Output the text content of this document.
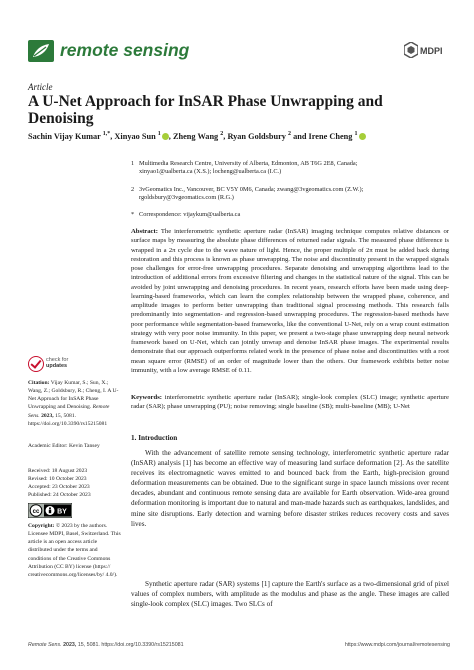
remote sensing	MDPI
Article
A U-Net Approach for InSAR Phase Unwrapping and Denoising
Sachin Vijay Kumar $^{1,*}$, Xinyao Sun $^1$ , Zheng Wang $^2$, Ryan Goldsbury $^2$ and Irene Cheng $^1$
1 Multimedia Research Centre, University of Alberta, Edmonton, AB T6G 2E8, Canada;
xinyao1@ualberta.ca (X.S.); locheng@ualberta.ca (I.C.)
2 3vGeomatics Inc., Vancouver, BC V5Y 0M6, Canada; zwang@3vgeomatics.com (Z.W.);
rgoldsbury@3vgeomatics.com (R.G.)
* Correspondence: vijaykum@ualberta.ca
Abstract: The interferometric synthetic aperture radar (InSAR) imaging technique computes relative distances or surface maps by measuring the absolute phase differences of returned radar signals. The measured phase difference is wrapped in a 2π cycle due to the wave nature of light. Hence, the proper multiple of 2π must be added back during restoration and this process is known as phase unwrapping. The noise and discontinuity present in the wrapped signals pose challenges for error-free unwrapping procedures. Separate denoising and unwrapping algorithms lead to the introduction of additional errors from excessive filtering and changes in the statistical nature of the signal. This can be avoided by joint unwrapping and denoising procedures. In recent years, research efforts have been made using deep-learning-based frameworks, which can learn the complex relationship between the wrapped phase, coherence, and amplitude images to perform better unwrapping than traditional signal processing methods. This research falls predominantly into segmentation- and regression-based unwrapping procedures. The regression-based methods have poor performance while segmentation-based frameworks, like the conventional U-Net, rely on a wrap count estimation strategy with very poor noise immunity. In this paper, we present a two-stage phase unwrapping deep neural network framework based on U-Net, which can jointly unwrap and denoise InSAR phase images. The experimental results demonstrate that our approach outperforms related work in the presence of phase noise and discontinuities with a root mean square error (RMSE) of an order of magnitude lower than the others. Our framework exhibits better noise immunity, with a low average RMSE of 0.11.
Keywords: interferometric synthetic aperture radar (InSAR); single-look complex (SLC) image; synthetic aperture radar (SAR); phase unwrapping (PU); noise removing; single baseline (SB); multi-baseline (MB); U-Net
check for
updates
Citation: Vijay Kumar, S.; Sun, X.; Wang, Z.; Goldsbury, R.; Cheng, I. A U-Net Approach for InSAR Phase Unwrapping and Denoising. Remote Sens. 2023, 15, 5081. https://doi.org/10.3390/rs15215081
Academic Editor: Kevin Tansey
Received: 18 August 2023
Revised: 10 October 2023
Accepted: 23 October 2023
Published: 24 October 2023
cc	BY
Copyright: © 2023 by the authors. Licensee MDPI, Basel, Switzerland. This article is an open access article distributed under the terms and conditions of the Creative Commons Attribution (CC BY) license (https:// creativecommons.org/licenses/by/ 4.0/).
1. Introduction
With the advancement of satellite remote sensing technology, interferometric synthetic aperture radar (InSAR) analysis [1] has become an effective way of measuring land surface deformation [2]. As the satellite receives its electromagnetic waves emitted to and bounced back from the Earth, high-precision ground deformation measurements can be obtained. Due to the significant surge in space launch missions over recent decades, abundant and continuous remote sensing data are available for Earth observation. Wide-area ground deformation monitoring is important due to natural and man-made hazards such as earthquakes, landslides, and mine site disruptions. Early detection and warning before disaster strikes reduces recovery costs and saves lives.
Synthetic aperture radar (SAR) systems [1] capture the Earth's surface as a two-dimensional grid of pixel values of complex numbers, with amplitude as the modulus and phase as the angle. These images are called single-look complex (SLC) images. Two SLCs of
Remote Sens. 2023, 15, 5081. https://doi.org/10.3390/rs15215081	https://www.mdpi.com/journal/remotesensing
